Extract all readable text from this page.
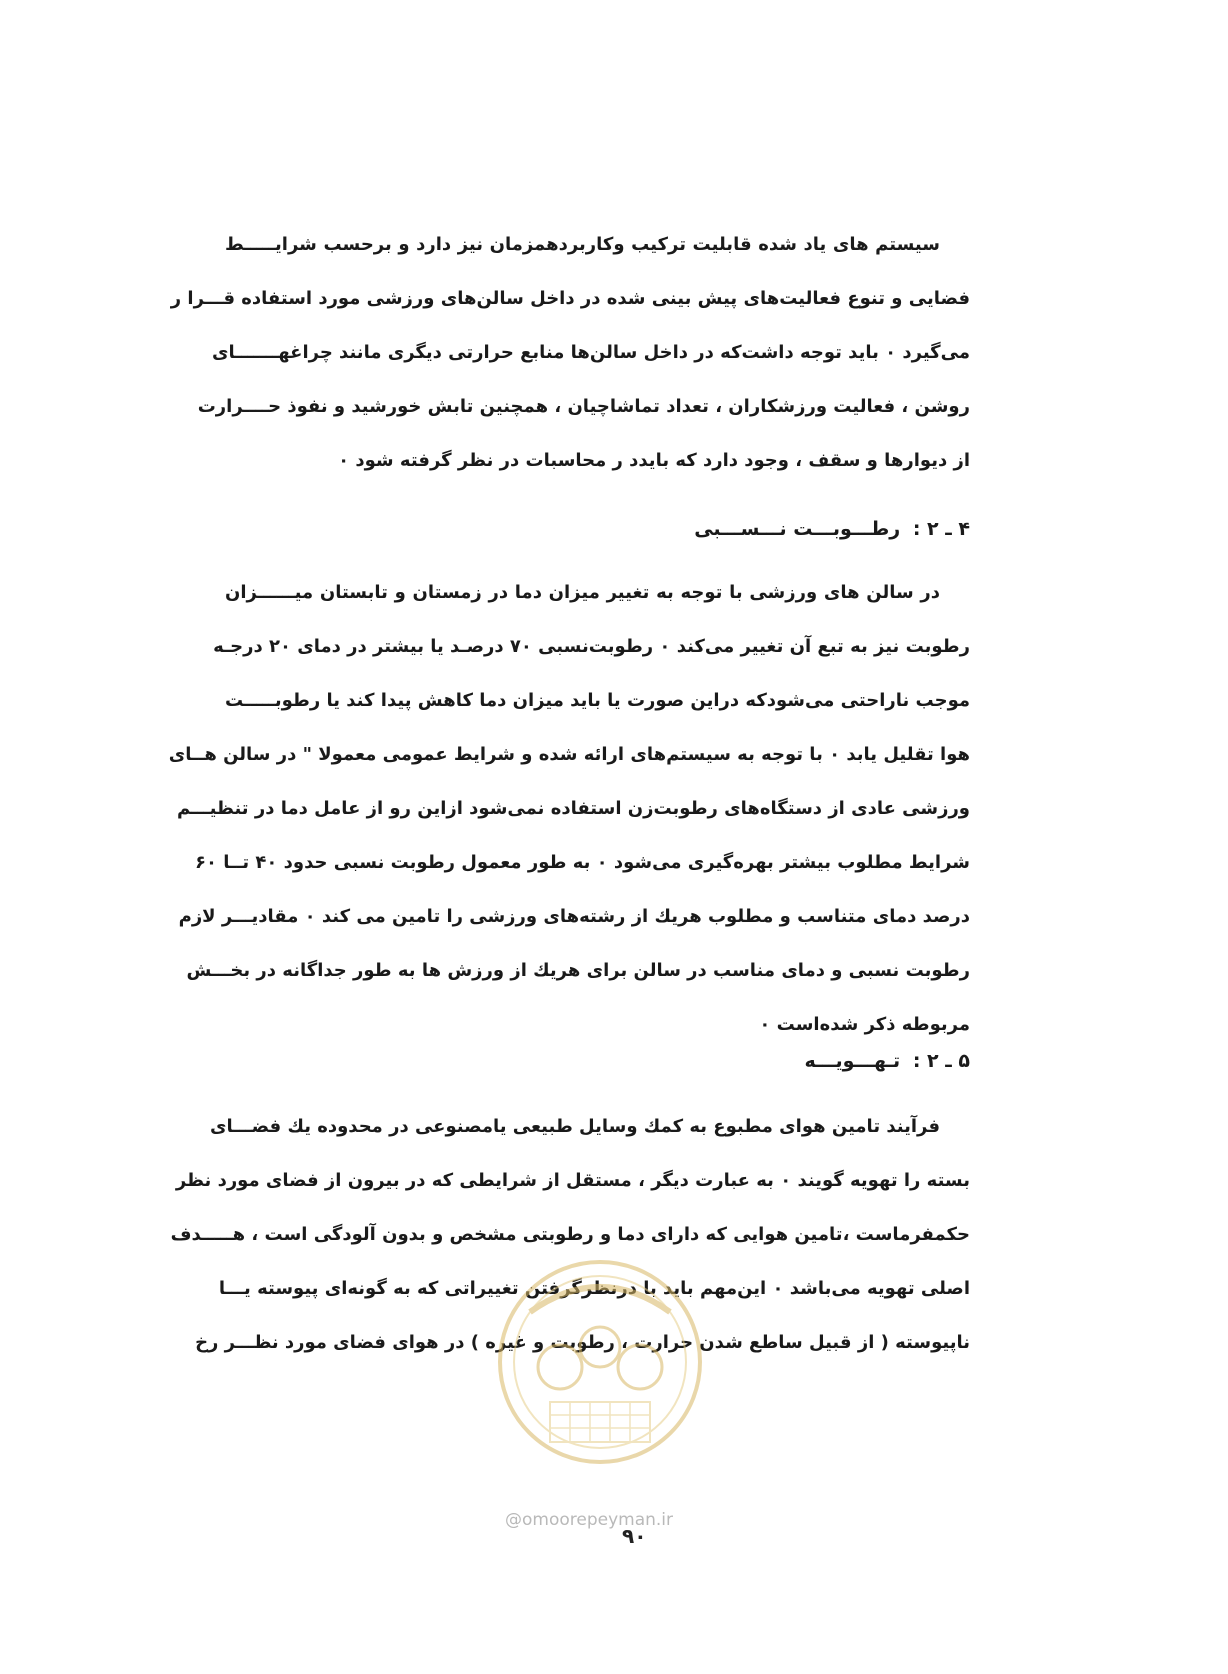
سیستم های یاد شده قابلیت ترکیب وکاربردهمزمان نیز دارد و برحسب شرایـــــط
فضایی و تنوع فعالیت‌های پیش بینی شده در داخل سالن‌های ورزشی مورد استفاده قـــرا ر
می‌گیرد ٠ باید توجه داشت‌که در داخل سالن‌ها منابع حرارتی دیگری مانند چراغهـــــــای
روشن ، فعالیت ورزشکاران ، تعداد تماشاچیان ، همچنین تابش خورشید و نفوذ حــــرارت
از دیوارها و سقف ، وجود دارد که بایدد ر محاسبات در نظر گرفته شود ٠
۴ ـ ۲ : رطـــوبـــت نـــســـبی
در سالن های ورزشی با توجه به تغییر میزان دما در زمستان و تابستان میــــــزان
رطوبت نیز به تبع آن تغییر می‌کند ٠ رطوبت‌نسبی ۷۰ درصـد یا بیشتر در دمای ۲۰ درجـه
موجب ناراحتی می‌شودکه دراین صورت یا باید میزان دما کاهش پیدا کند یا رطوبـــــت
هوا تقلیل یابد ٠ با توجه به سیستم‌های ارائه شده و شرایط عمومی معمولا " در سالن هــای
ورزشی عادی از دستگاه‌های رطوبت‌زن استفاده نمی‌شود ازاین رو از عامل دما در تنظیـــم
شرایط مطلوب بیشتر بهره‌گیری می‌شود ٠ به طور معمول رطوبت نسبی حدود ۴۰ تــا ۶۰
درصد دمای متناسب و مطلوب هریك از رشته‌های ورزشی را تامین می کند ٠ مقادیـــر لازم
رطوبت نسبی و دمای مناسب در سالن برای هریك از ورزش ها به طور جداگانه در بخـــش
مربوطه ذکر شده‌است ٠
۵ ـ ۲ : تـهـــویـــه
فرآیند تامین هوای مطبوع به کمك وسایل طبیعی یامصنوعی در محدوده یك فضـــای
بسته را تهویه گویند ٠ به عبارت دیگر ، مستقل از شرایطی که در بیرون از فضای مورد نظر
حکمفرماست ،تامین هوایی که دارای دما و رطوبتی مشخص و بدون آلودگی است ، هـــــدف
اصلی تهویه می‌باشد ٠ این‌مهم باید با درنظرگرفتن تغییراتی که به گونه‌ای پیوسته یـــا
ناپیوسته ( از قبیل ساطع شدن حرارت ، رطوبت و غیره ) در هوای فضای مورد نظـــر رخ
@omoorepeyman.ir
۹۰
